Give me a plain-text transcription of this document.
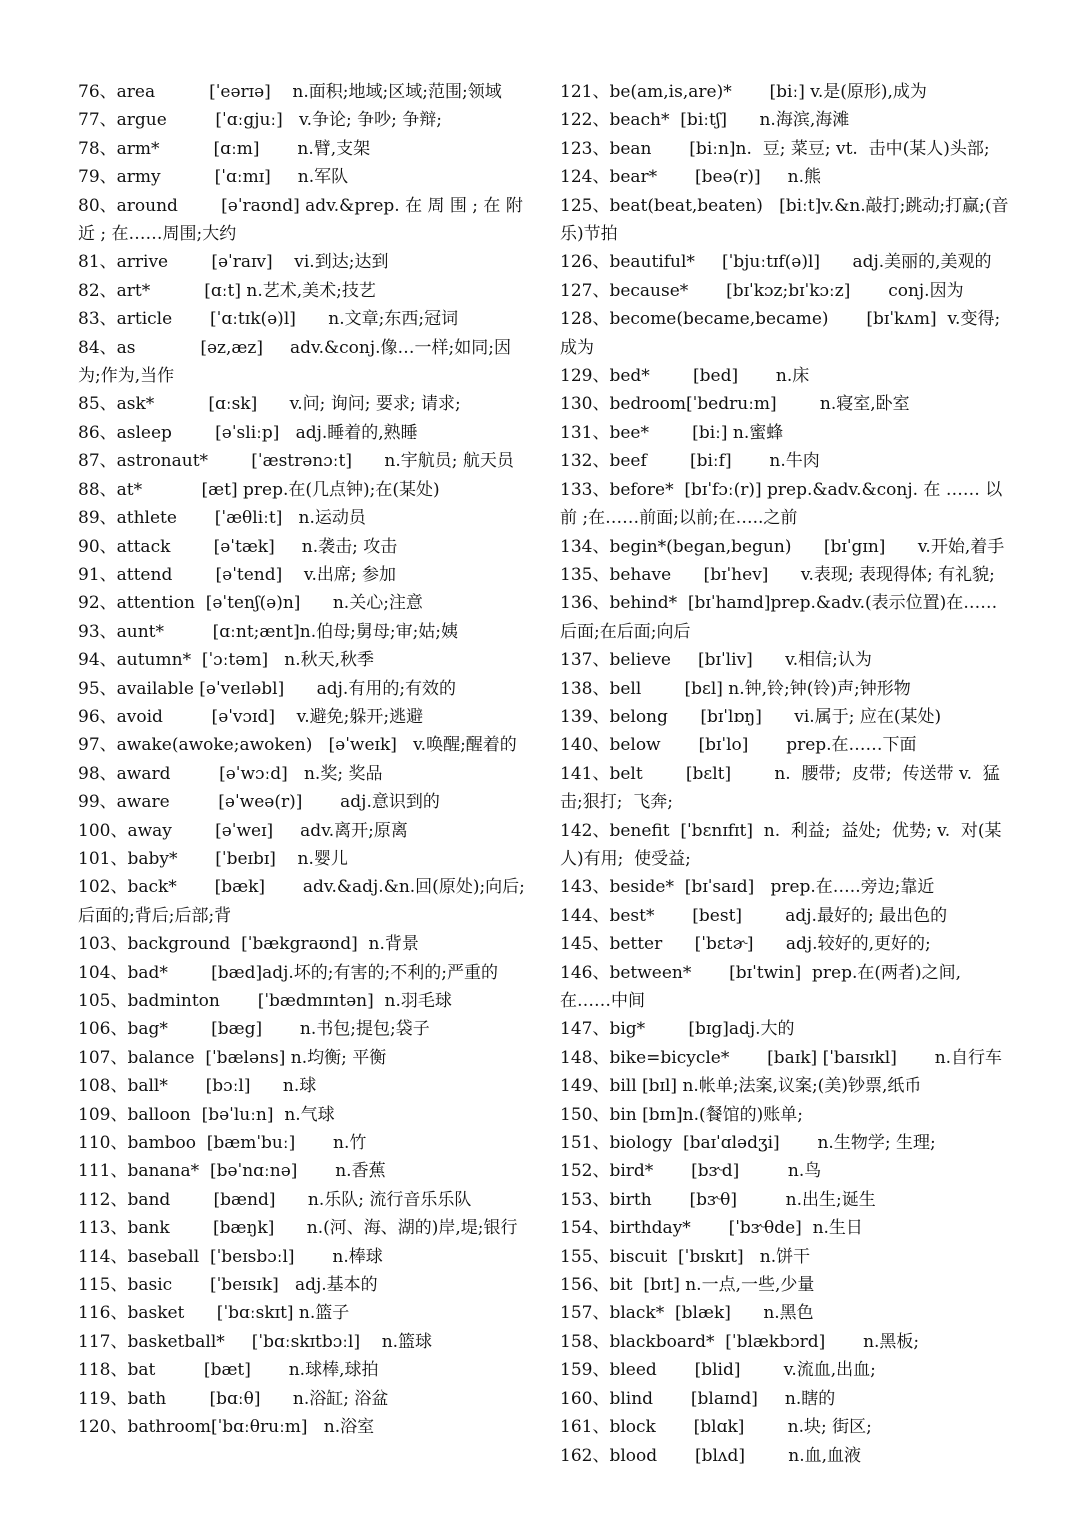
76、area          [ˈeərɪə]    n.面积;地域;区域;范围;领域
77、argue         [ˈɑːgjuː]   v.争论; 争吵; 争辩;
78、arm*          [ɑːm]       n.臂,支架
79、army          [ˈɑːmɪ]     n.军队
80、around        [əˈraʊnd] adv.&prep. 在 周 围 ; 在 附 近 ; 在……周围;大约
81、arrive        [əˈraɪv]    vi.到达;达到
82、art*          [ɑːt] n.艺术,美术;技艺
83、article       [ˈɑːtɪk(ə)l]      n.文章;东西;冠词
84、as            [əz,æz]     adv.&conj.像…一样;如同;因为;作为,当作
85、ask*          [ɑːsk]      v.问; 询问; 要求; 请求;
86、asleep        [əˈsliːp]   adj.睡着的,熟睡
87、astronaut*        [ˈæstrənɔːt]      n.宇航员; 航天员
88、at*           [æt] prep.在(几点钟);在(某处)
89、athlete       [ˈæθliːt]   n.运动员
90、attack        [əˈtæk]     n.袭击; 攻击
91、attend        [əˈtend]    v.出席; 参加
92、attention  [əˈtenʃ(ə)n]      n.关心;注意
93、aunt*         [ɑːnt;ænt]n.伯母;舅母;审;姑;姨
94、autumn*  [ˈɔːtəm]   n.秋天,秋季
95、available [əˈveɪləbl]      adj.有用的;有效的
96、avoid         [əˈvɔɪd]    v.避免;躲开;逃避
97、awake(awoke;awoken)   [əˈweɪk]   v.唤醒;醒着的
98、award         [əˈwɔːd]   n.奖; 奖品
99、aware         [əˈweə(r)]       adj.意识到的
100、away        [əˈweɪ]     adv.离开;原离
101、baby*       [ˈbeɪbɪ]    n.婴儿
102、back*       [bæk]       adv.&adj.&n.回(原处);向后;后面的;背后;后部;背
103、background  [ˈbækgraʊnd]  n.背景
104、bad*        [bæd]adj.坏的;有害的;不利的;严重的
105、badminton       [ˈbædmɪntən]  n.羽毛球
106、bag*        [bæg]       n.书包;提包;袋子
107、balance  [ˈbæləns] n.均衡; 平衡
108、ball*       [bɔːl]      n.球
109、balloon  [bəˈluːn]  n.气球
110、bamboo  [bæmˈbuː]       n.竹
111、banana*  [bəˈnɑːnə]       n.香蕉
112、band        [bænd]      n.乐队; 流行音乐乐队
113、bank        [bæŋk]      n.(河、海、湖的)岸,堤;银行
114、baseball  [ˈbeɪsbɔːl]       n.棒球
115、basic       [ˈbeɪsɪk]   adj.基本的
116、basket      [ˈbɑːskɪt] n.篮子
117、basketball*     [ˈbɑːskɪtbɔːl]    n.篮球
118、bat         [bæt]       n.球棒,球拍
119、bath        [bɑːθ]      n.浴缸; 浴盆
120、bathroom[ˈbɑːθruːm]   n.浴室
121、be(am,is,are)*       [biː] v.是(原形),成为
122、beach*  [biːtʃ]      n.海滨,海滩
123、bean       [biːn]n.  豆; 菜豆; vt.  击中(某人)头部;
124、bear*       [beə(r)]     n.熊
125、beat(beat,beaten)   [biːt]v.&n.敲打;跳动;打赢;(音乐)节拍
126、beautiful*     [ˈbjuːtɪf(ə)l]      adj.美丽的,美观的
127、because*       [bɪˈkɔz;bɪˈkɔːz]       conj.因为
128、become(became,became)       [bɪˈkʌm]  v.变得;成为
129、bed*        [bed]       n.床
130、bedroom[ˈbedruːm]        n.寝室,卧室
131、bee*        [biː] n.蜜蜂
132、beef        [biːf]       n.牛肉
133、before*  [bɪˈfɔː(r)] prep.&adv.&conj. 在 …… 以 前 ;在……前面;以前;在…..之前
134、begin*(began,begun)      [bɪˈgɪn]      v.开始,着手
135、behave      [bɪˈhev]      v.表现; 表现得体; 有礼貌;
136、behind*  [bɪˈhaɪnd]prep.&adv.(表示位置)在……后面;在后面;向后
137、believe     [bɪˈliv]      v.相信;认为
138、bell        [bɛl] n.钟,铃;钟(铃)声;钟形物
139、belong      [bɪˈlɒŋ]      vi.属于; 应在(某处)
140、below       [bɪˈlo]       prep.在……下面
141、belt        [bɛlt]        n.  腰带;  皮带;  传送带 v.  猛击;狠打;  飞奔;
142、benefit  [ˈbɛnɪfɪt]  n.  利益;  益处;  优势; v.  对(某人)有用;  使受益;
143、beside*  [bɪˈsaɪd]   prep.在…..旁边;靠近
144、best*       [best]        adj.最好的; 最出色的
145、better      [ˈbɛtɚ]      adj.较好的,更好的;
146、between*       [bɪˈtwin]  prep.在(两者)之间,在……中间
147、big*        [bɪg]adj.大的
148、bike=bicycle*       [baɪk] [ˈbaɪsɪkl]       n.自行车
149、bill [bɪl] n.帐单;法案,议案;(美)钞票,纸币
150、bin [bɪn]n.(餐馆的)账单;
151、biology  [baɪˈɑlədʒi]       n.生物学; 生理;
152、bird*       [bɝd]         n.鸟
153、birth       [bɝθ]         n.出生;诞生
154、birthday*       [ˈbɝθde]  n.生日
155、biscuit  [ˈbɪskɪt]   n.饼干
156、bit  [bɪt] n.一点,一些,少量
157、black*  [blæk]      n.黑色
158、blackboard*  [ˈblækbɔrd]       n.黑板;
159、bleed       [blid]        v.流血,出血;
160、blind       [blaɪnd]     n.瞎的
161、block       [blɑk]        n.块; 街区;
162、blood       [blʌd]        n.血,血液
